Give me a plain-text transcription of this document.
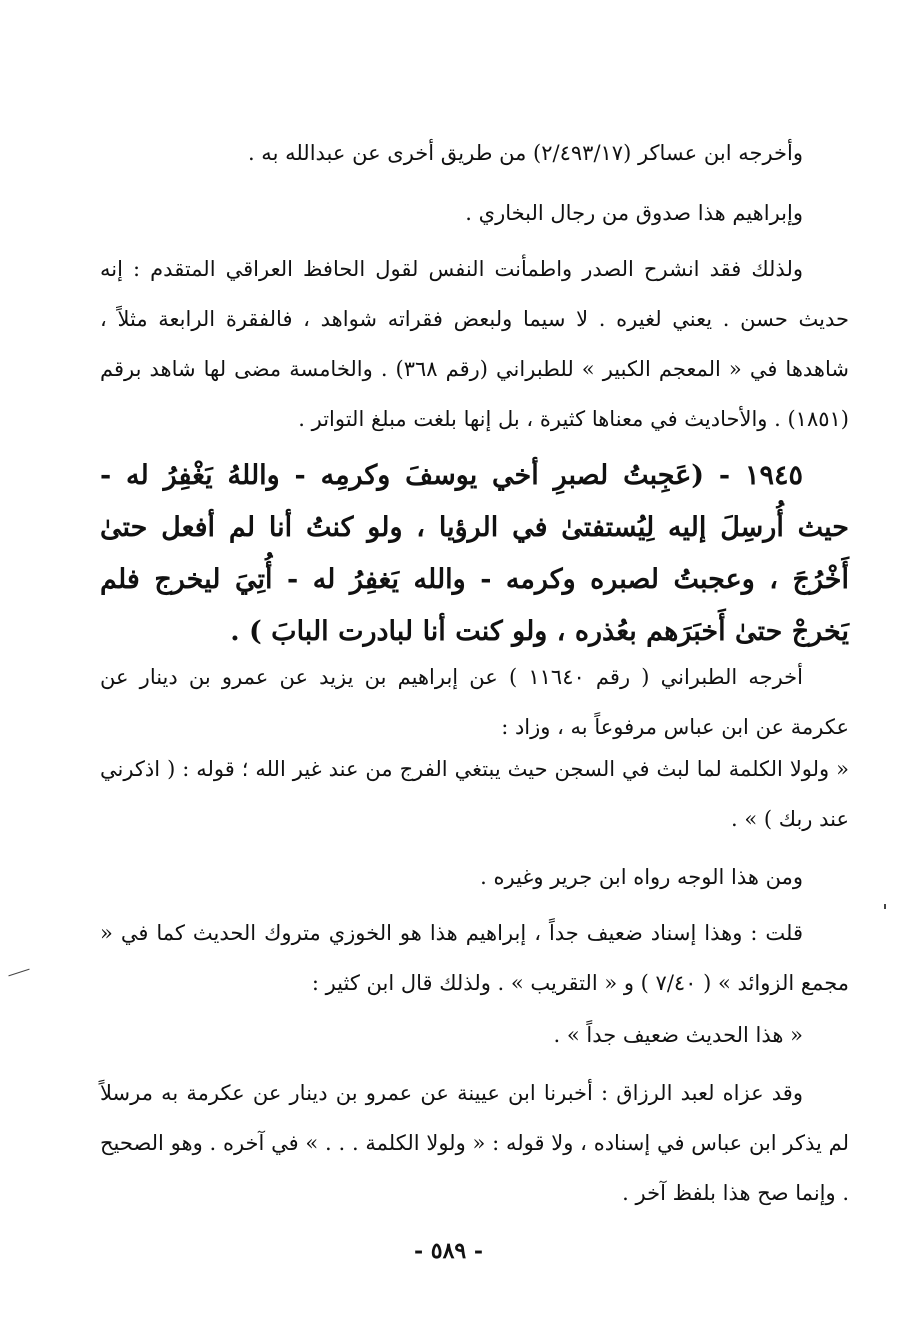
وأخرجه ابن عساكر (٢/٤٩٣/١٧) من طريق أخرى عن عبدالله به .

وإبراهيم هذا صدوق من رجال البخاري .

ولذلك فقد انشرح الصدر واطمأنت النفس لقول الحافظ العراقي المتقدم : إنه حديث حسن . يعني لغيره . لا سيما ولبعض فقراته شواهد ، فالفقرة الرابعة مثلاً ، شاهدها في « المعجم الكبير » للطبراني (رقم ٣٦٨) . والخامسة مضى لها شاهد برقم (١٨٥١) . والأحاديث في معناها كثيرة ، بل إنها بلغت مبلغ التواتر .

١٩٤٥ - (عَجِبتُ لصبرِ أخي يوسفَ وكرمِه - واللهُ يَغْفِرُ له - حيث أُرسِلَ إليه لِيُستفتىٰ في الرؤيا ، ولو كنتُ أنا لم أفعل حتىٰ أَخْرُجَ ، وعجبتُ لصبره وكرمه - والله يَغفِرُ له - أُتِيَ ليخرج فلم يَخرجْ حتىٰ أَخبَرَهم بعُذره ، ولو كنت أنا لبادرت البابَ ) .

أخرجه الطبراني ( رقم ١١٦٤٠ ) عن إبراهيم بن يزيد عن عمرو بن دينار عن عكرمة عن ابن عباس مرفوعاً به ، وزاد :

« ولولا الكلمة لما لبث في السجن حيث يبتغي الفرج من عند غير الله ؛ قوله : ( اذكرني عند ربك ) » .

ومن هذا الوجه رواه ابن جرير وغيره .

قلت : وهذا إسناد ضعيف جداً ، إبراهيم هذا هو الخوزي متروك الحديث كما في « مجمع الزوائد » ( ٧/٤٠ ) و « التقريب » . ولذلك قال ابن كثير :

« هذا الحديث ضعيف جداً » .

وقد عزاه لعبد الرزاق : أخبرنا ابن عيينة عن عمرو بن دينار عن عكرمة به مرسلاً لم يذكر ابن عباس في إسناده ، ولا قوله : « ولولا الكلمة . . . » في آخره . وهو الصحيح . وإنما صح هذا بلفظ آخر .

- ٥٨٩ -
